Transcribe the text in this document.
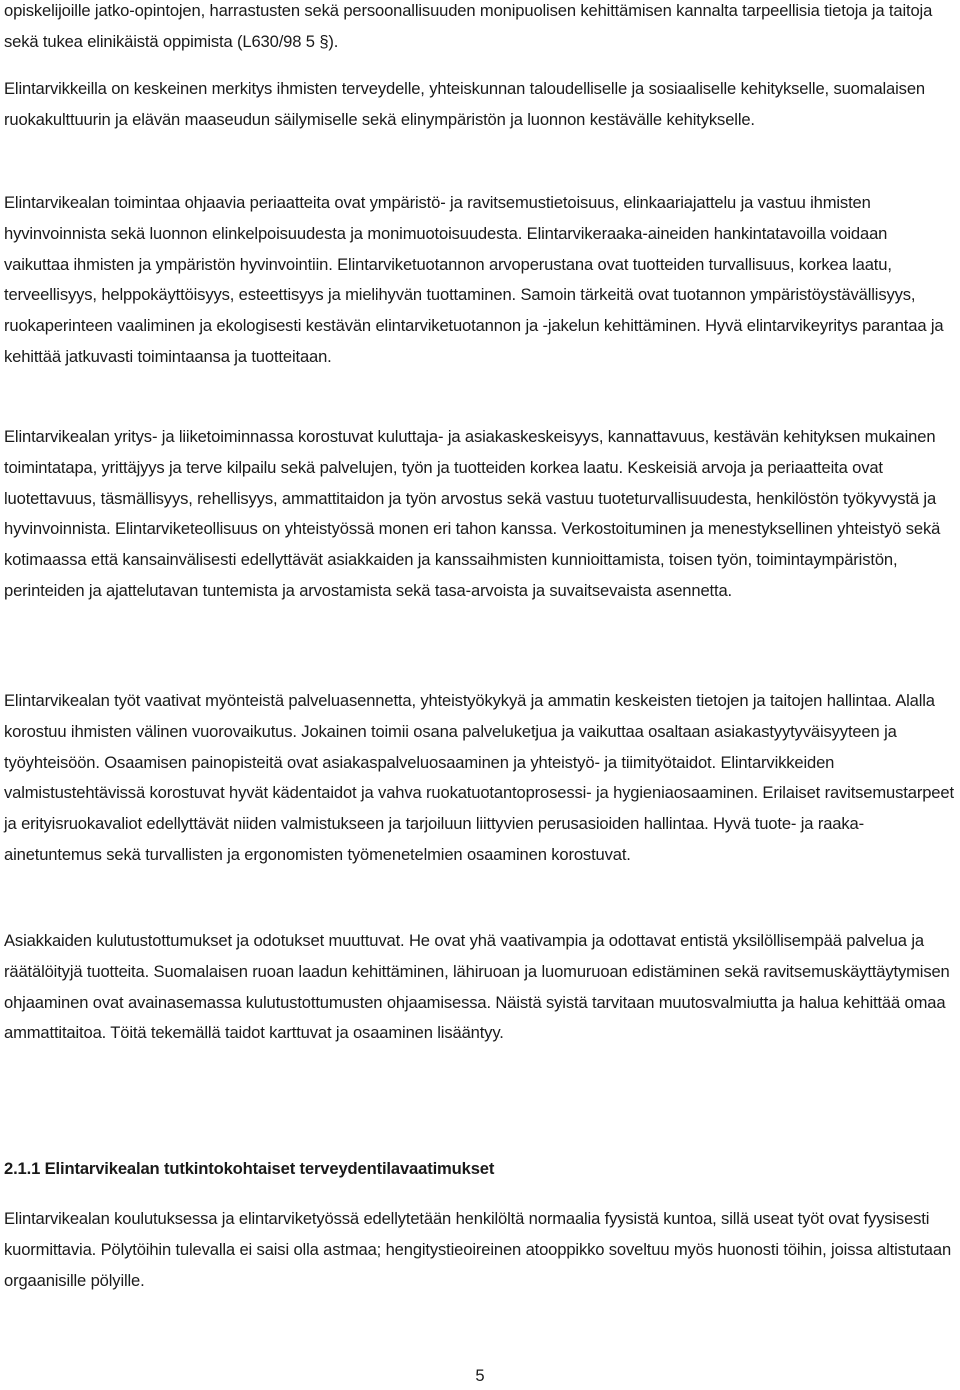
opiskelijoille jatko-opintojen, harrastusten sekä persoonallisuuden monipuolisen kehittämisen kannalta tarpeellisia tietoja ja taitoja sekä tukea elinikäistä oppimista (L630/98 5 §).

Elintarvikkeilla on keskeinen merkitys ihmisten terveydelle, yhteiskunnan taloudelliselle ja sosiaaliselle kehitykselle, suomalaisen ruokakulttuurin ja elävän maaseudun säilymiselle sekä elinympäristön ja luonnon kestävälle kehitykselle.

Elintarvikealan toimintaa ohjaavia periaatteita ovat ympäristö- ja ravitsemustietoisuus, elinkaariajattelu ja vastuu ihmisten hyvinvoinnista sekä luonnon elinkelpoisuudesta ja monimuotoisuudesta. Elintarvikeraaka-aineiden hankintatavoilla voidaan vaikuttaa ihmisten ja ympäristön hyvinvointiin. Elintarviketuotannon arvoperustana ovat tuotteiden turvallisuus, korkea laatu, terveellisyys, helppokäyttöisyys, esteettisyys ja mielihyvän tuottaminen. Samoin tärkeitä ovat tuotannon ympäristöystävällisyys, ruokaperinteen vaaliminen ja ekologisesti kestävän elintarviketuotannon ja -jakelun kehittäminen. Hyvä elintarvikeyritys parantaa ja kehittää jatkuvasti toimintaansa ja tuotteitaan.

Elintarvikealan yritys- ja liiketoiminnassa korostuvat kuluttaja- ja asiakaskeskeisyys, kannattavuus, kestävän kehityksen mukainen toimintatapa, yrittäjyys ja terve kilpailu sekä palvelujen, työn ja tuotteiden korkea laatu. Keskeisiä arvoja ja periaatteita ovat luotettavuus, täsmällisyys, rehellisyys, ammattitaidon ja työn arvostus sekä vastuu tuoteturvallisuudesta, henkilöstön työkyvystä ja hyvinvoinnista. Elintarviketeollisuus on yhteistyössä monen eri tahon kanssa. Verkostoituminen ja menestyksellinen yhteistyö sekä kotimaassa että kansainvälisesti edellyttävät asiakkaiden ja kanssaihmisten kunnioittamista, toisen työn, toimintaympäristön, perinteiden ja ajattelutavan tuntemista ja arvostamista sekä tasa-arvoista ja suvaitsevaista asennetta.

Elintarvikealan työt vaativat myönteistä palveluasennetta, yhteistyökykyä ja ammatin keskeisten tietojen ja taitojen hallintaa. Alalla korostuu ihmisten välinen vuorovaikutus. Jokainen toimii osana palveluketjua ja vaikuttaa osaltaan asiakastyytyväisyyteen ja työyhteisöön. Osaamisen painopisteitä ovat asiakaspalveluosaaminen ja yhteistyö- ja tiimityötaidot. Elintarvikkeiden valmistustehtävissä korostuvat hyvät kädentaidot ja vahva ruokatuotantoprosessi- ja hygieniaosaaminen. Erilaiset ravitsemustarpeet ja erityisruokavaliot edellyttävät niiden valmistukseen ja tarjoiluun liittyvien perusasioiden hallintaa. Hyvä tuote- ja raaka-ainetuntemus sekä turvallisten ja ergonomisten työmenetelmien osaaminen korostuvat.

Asiakkaiden kulutustottumukset ja odotukset muuttuvat. He ovat yhä vaativampia ja odottavat entistä yksilöllisempää palvelua ja räätälöityjä tuotteita. Suomalaisen ruoan laadun kehittäminen, lähiruoan ja luomuruoan edistäminen sekä ravitsemuskäyttäytymisen ohjaaminen ovat avainasemassa kulutustottumusten ohjaamisessa. Näistä syistä tarvitaan muutosvalmiutta ja halua kehittää omaa ammattitaitoa. Töitä tekemällä taidot karttuvat ja osaaminen lisääntyy.

2.1.1 Elintarvikealan tutkintokohtaiset terveydentilavaatimukset

Elintarvikealan koulutuksessa ja elintarviketyössä edellytetään henkilöltä normaalia fyysistä kuntoa, sillä useat työt ovat fyysisesti kuormittavia. Pölytöihin tulevalla ei saisi olla astmaa; hengitystieoireinen atooppikko soveltuu myös huonosti töihin, joissa altistutaan orgaanisille pölyille.

5
